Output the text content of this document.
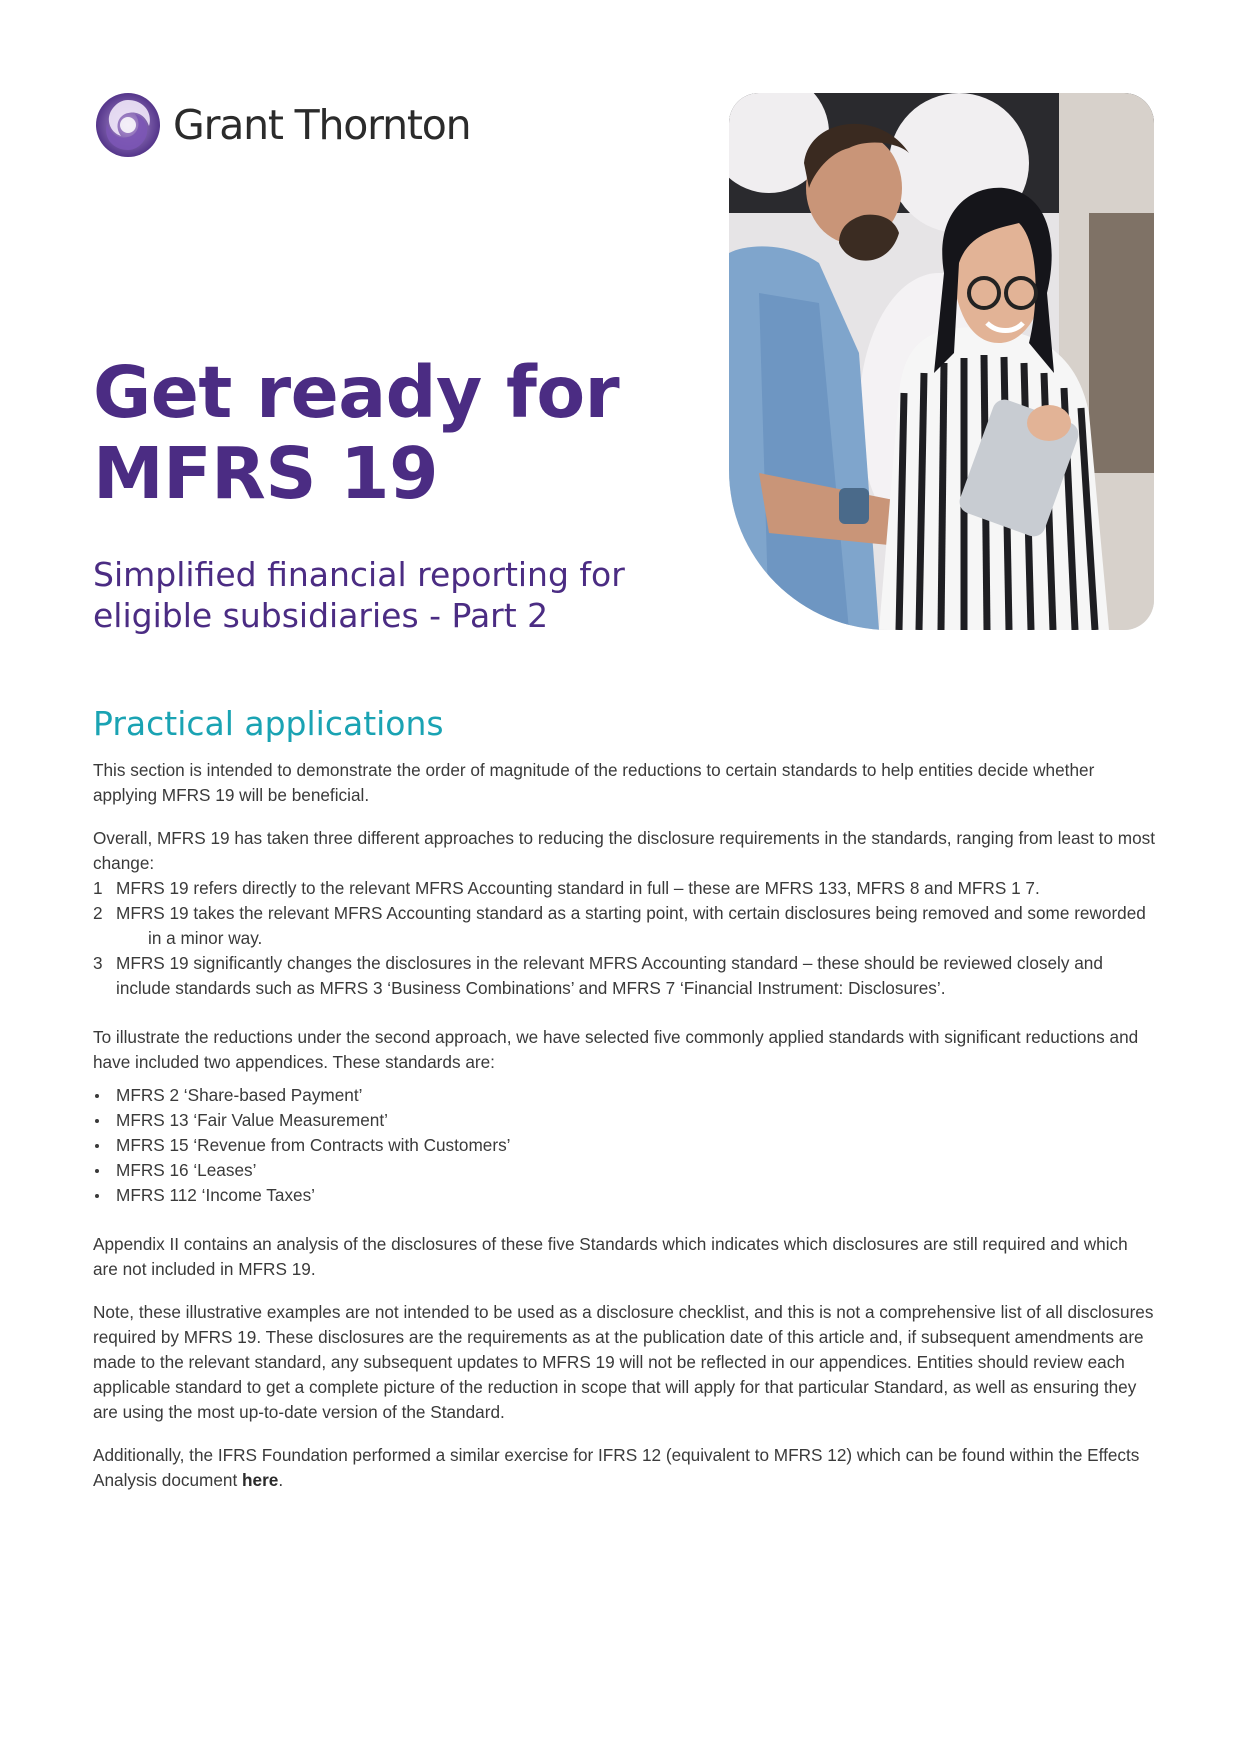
Grant Thornton
Get ready for
MFRS 19
Simplified financial reporting for
eligible subsidiaries - Part 2
Practical applications

This section is intended to demonstrate the order of magnitude of the reductions to certain standards to help entities decide whether applying MFRS 19 will be beneficial.

Overall, MFRS 19 has taken three different approaches to reducing the disclosure requirements in the standards, ranging from least to most change:

1 MFRS 19 refers directly to the relevant MFRS Accounting standard in full – these are MFRS 133, MFRS 8 and MFRS 1 7.
2 MFRS 19 takes the relevant MFRS Accounting standard as a starting point, with certain disclosures being removed and some reworded in a minor way.
3 MFRS 19 significantly changes the disclosures in the relevant MFRS Accounting standard – these should be reviewed closely and include standards such as MFRS 3 ‘Business Combinations’ and MFRS 7 ‘Financial Instrument: Disclosures’.

To illustrate the reductions under the second approach, we have selected five commonly applied standards with significant reductions and have included two appendices. These standards are:

MFRS 2 ‘Share-based Payment’
MFRS 13 ‘Fair Value Measurement’
MFRS 15 ‘Revenue from Contracts with Customers’
MFRS 16 ‘Leases’
MFRS 112 ‘Income Taxes’

Appendix II contains an analysis of the disclosures of these five Standards which indicates which disclosures are still required and which are not included in MFRS 19.

Note, these illustrative examples are not intended to be used as a disclosure checklist, and this is not a comprehensive list of all disclosures required by MFRS 19. These disclosures are the requirements as at the publication date of this article and, if subsequent amendments are made to the relevant standard, any subsequent updates to MFRS 19 will not be reflected in our appendices. Entities should review each applicable standard to get a complete picture of the reduction in scope that will apply for that particular Standard, as well as ensuring they are using the most up-to-date version of the Standard.

Additionally, the IFRS Foundation performed a similar exercise for IFRS 12 (equivalent to MFRS 12) which can be found within the Effects Analysis document here.
